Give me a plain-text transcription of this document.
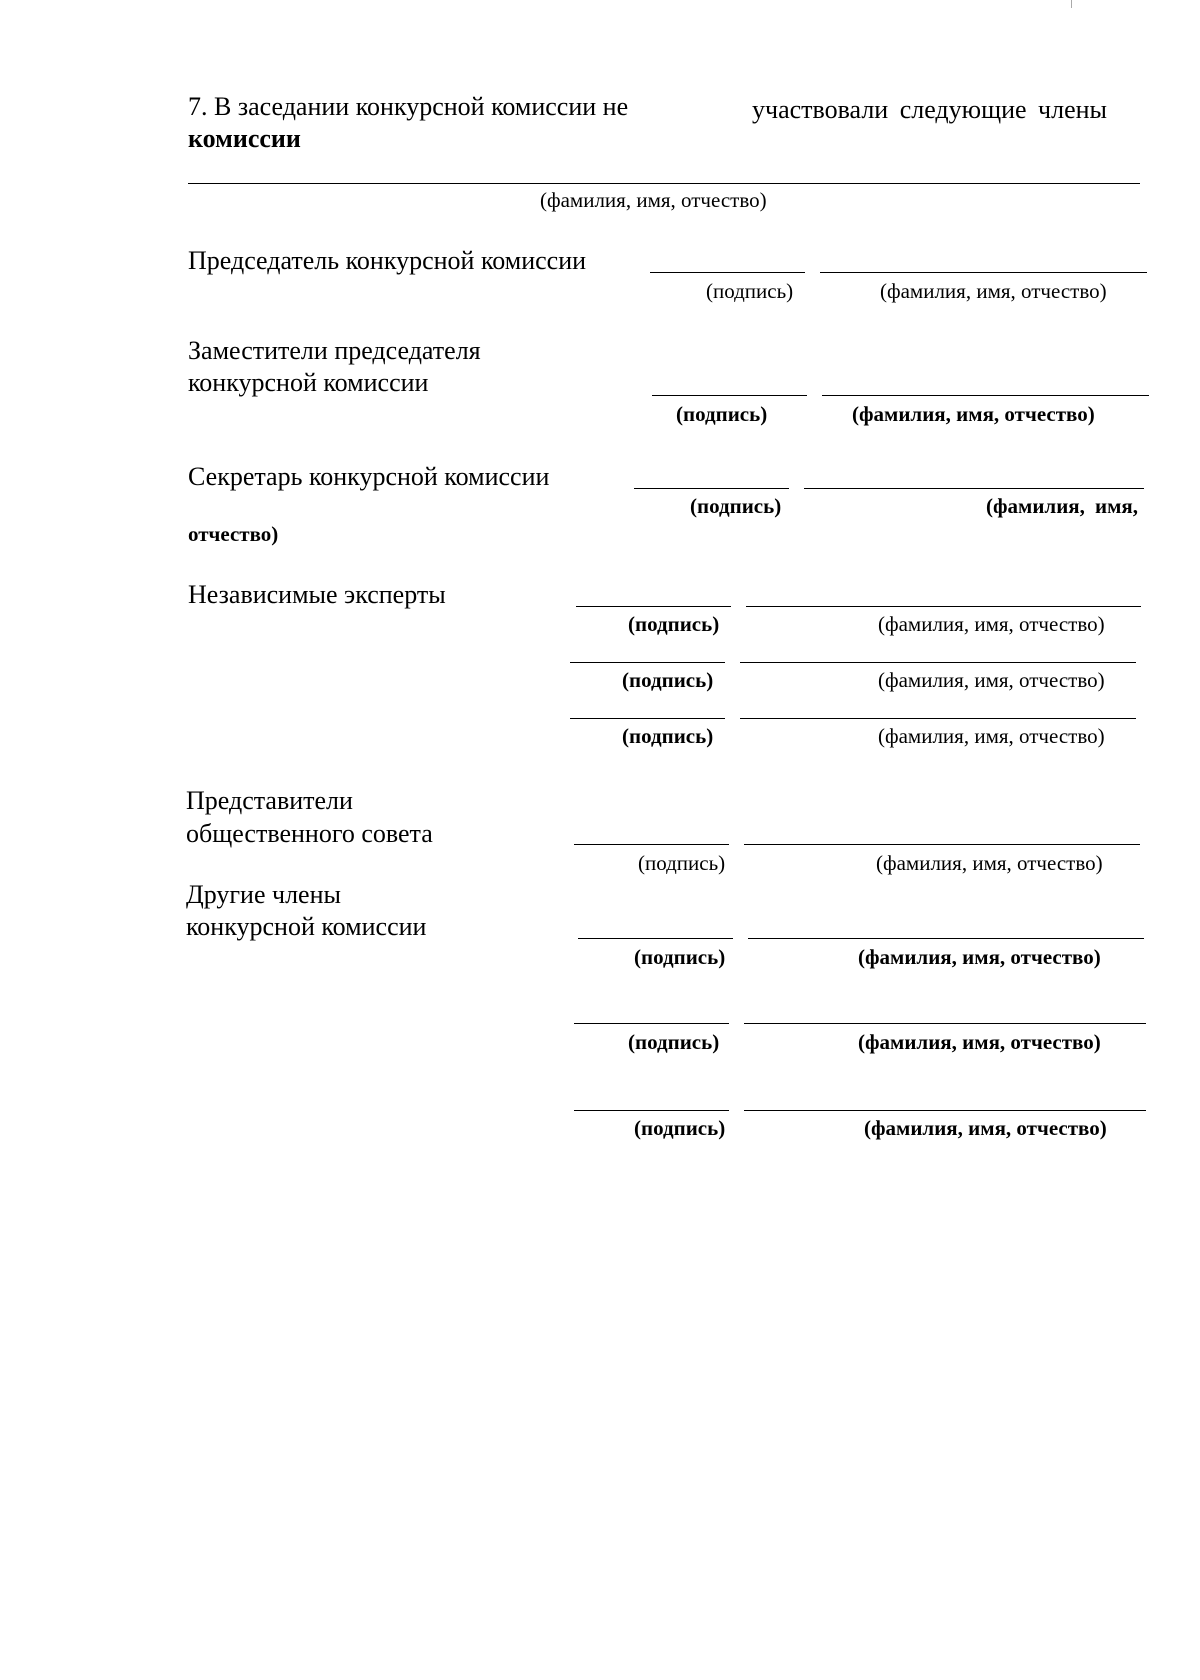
7. В заседании конкурсной комиссии не	участвовали следующие члены
комиссии
(фамилия, имя, отчество)
Председатель конкурсной комиссии
(подпись)	(фамилия, имя, отчество)
Заместители председателя
конкурсной комиссии
(подпись)	(фамилия, имя, отчество)
Секретарь конкурсной комиссии
(подпись)	(фамилия, имя,
отчество)
Независимые эксперты
(подпись)	(фамилия, имя, отчество)
(подпись)	(фамилия, имя, отчество)
(подпись)	(фамилия, имя, отчество)
Представители
общественного совета
(подпись)	(фамилия, имя, отчество)
Другие члены
конкурсной комиссии
(подпись)	(фамилия, имя, отчество)
(подпись)	(фамилия, имя, отчество)
(подпись)	(фамилия, имя, отчество)
